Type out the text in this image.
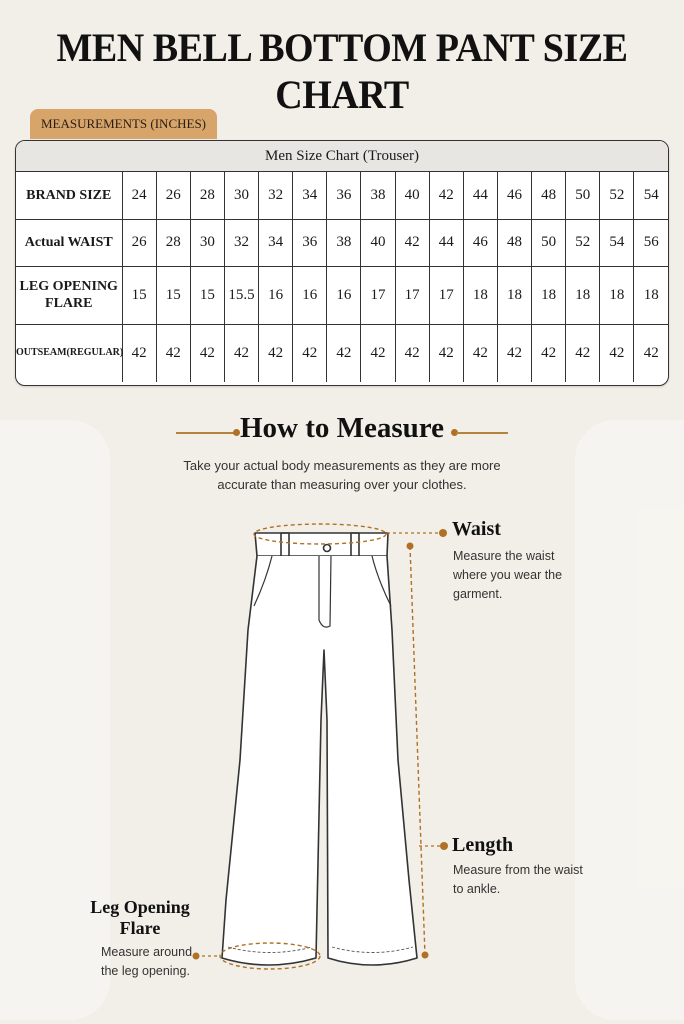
MEN BELL BOTTOM PANT SIZE CHART
MEASUREMENTS (INCHES)
Men Size Chart (Trouser)
BRAND SIZE	24	26	28	30	32	34	36	38	40	42	44	46	48	50	52	54
Actual WAIST	26	28	30	32	34	36	38	40	42	44	46	48	50	52	54	56
LEG OPENING FLARE	15	15	15	15.5	16	16	16	17	17	17	18	18	18	18	18	18
OUTSEAM(REGULAR)	42	42	42	42	42	42	42	42	42	42	42	42	42	42	42	42
How to Measure
Take your actual body measurements as they are more
accurate than measuring over your clothes.
Waist
Measure the waist
where you wear the
garment.
Length
Measure from the waist
to ankle.
Leg Opening
Flare
Measure around
the leg opening.
